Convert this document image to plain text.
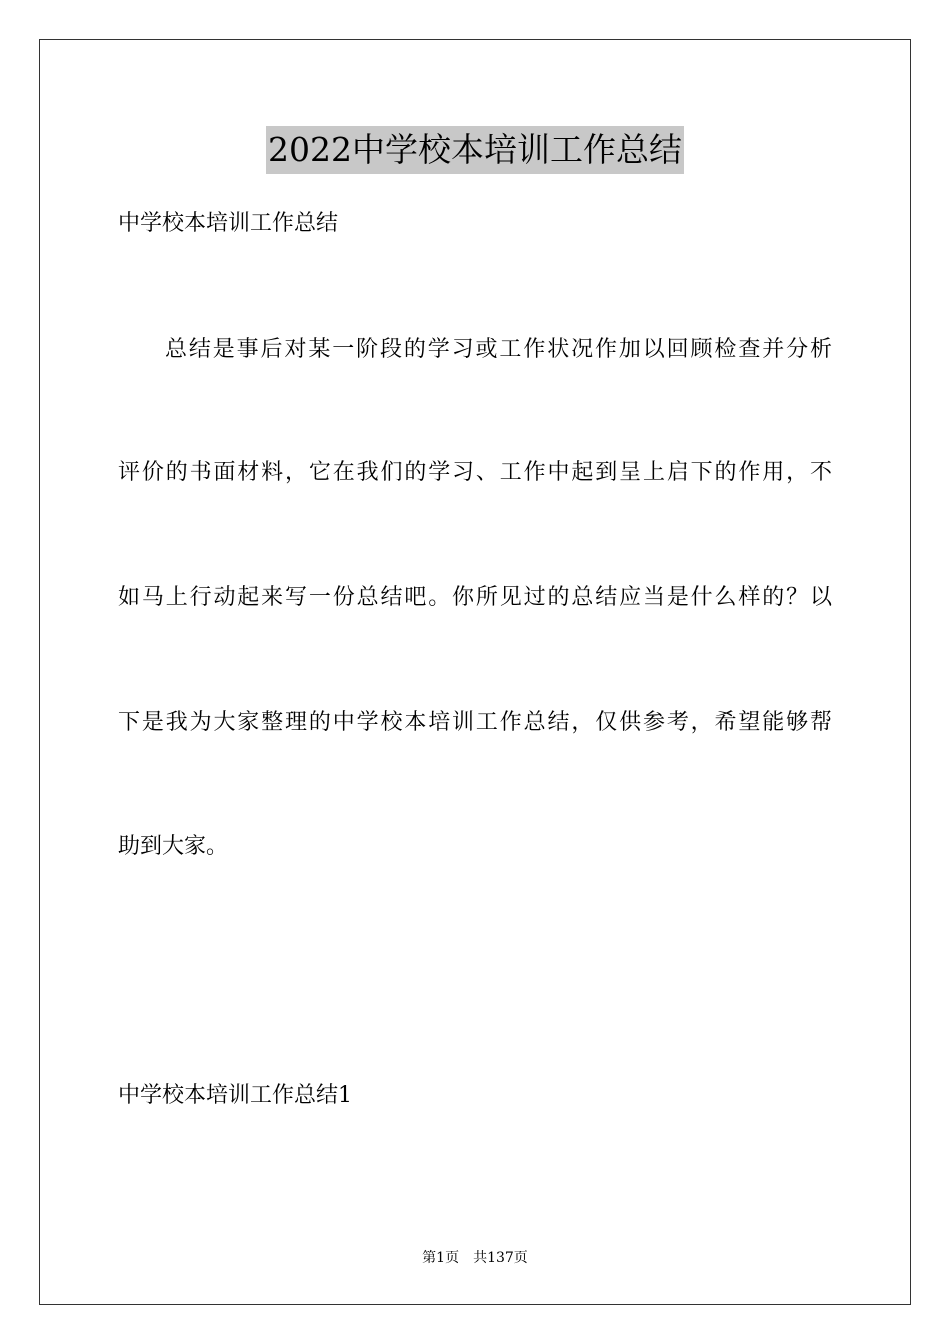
2022中学校本培训工作总结
中学校本培训工作总结
总结是事后对某一阶段的学习或工作状况作加以回顾检查并分析
评价的书面材料，它在我们的学习、工作中起到呈上启下的作用，不
如马上行动起来写一份总结吧。你所见过的总结应当是什么样的？以
下是我为大家整理的中学校本培训工作总结，仅供参考，希望能够帮
助到大家。
中学校本培训工作总结1
第1页　共137页
